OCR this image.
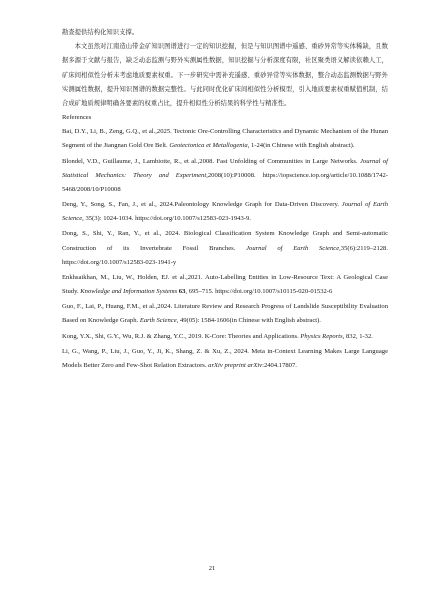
勘查提供结构化知识支撑。

本文虽然对江南造山带金矿知识图谱进行一定的知识挖掘，但是与知识图谱中遥感、重砂异常等实体稀缺，且数据多源于文献与报告，缺乏动态监测与野外实测属性数据，知识挖掘与分析深度有限，社区聚类语义解读依赖人工，矿床间相似性分析未考虑地质要素权重。下一步研究中需补充遥感、重砂异常等实体数据，整合动态监测数据与野外实测属性数据，提升知识图谱的数据完整性。与此同时优化矿床间相似性分析模型，引入地质要素权重赋值机制，结合成矿地质规律明确各要素的权重占比，提升相似性分析结果的科学性与精准性。

References

Bai, D.Y., Li, B., Zeng, G.Q., et al.,2025. Tectonic Ore-Controlling Characteristics and Dynamic Mechanism of the Hunan Segment of the Jiangnan Gold Ore Belt. Geotectonica et Metallogenia, 1-24(in Chinese with English abstract).

Blondel, V.D., Guillaume, J., Lambiotte, R., et al.,2008. Fast Unfolding of Communities in Large Networks. Journal of Statistical Mechanics: Theory and Experiment,2008(10):P10008. https://iopscience.iop.org/article/10.1088/1742-5468/2008/10/P10008

Deng, Y., Song, S., Fan, J., et al., 2024.Paleontology Knowledge Graph for Data-Driven Discovery. Journal of Earth Science, 35(3): 1024-1034. https://doi.org/10.1007/s12583-023-1943-9.

Dong, S., Shi, Y., Ran, Y., et al., 2024. Biological Classification System Knowledge Graph and Semi-automatic Construction of its Invertebrate Fossil Branches. Journal of Earth Science,35(6):2119–2128. https://doi.org/10.1007/s12583-023-1941-y

Enkhsaikhan, M., Liu, W., Holden, EJ. et al.,2021. Auto-Labelling Entities in Low-Resource Text: A Geological Case Study. Knowledge and Information Systems 63, 695–715. https://doi.org/10.1007/s10115-020-01532-6

Guo, F., Lai, P., Huang, F.M., et al.,2024. Literature Review and Research Progress of Landslide Susceptibility Evaluation Based on Knowledge Graph. Earth Science, 49(05): 1584-1606(in Chinese with English abstract).

Kong, Y.X., Shi, G.Y., Wu, R.J. & Zhang, Y.C., 2019. K-Core: Theories and Applications. Physics Reports, 832, 1-32.

Li, G., Wang, P., Liu, J., Guo, Y., Ji, K., Shang, Z. & Xu, Z., 2024. Meta in-Context Learning Makes Large Language Models Better Zero and Few-Shot Relation Extractors. arXiv preprint arXiv:2404.17807.

21
